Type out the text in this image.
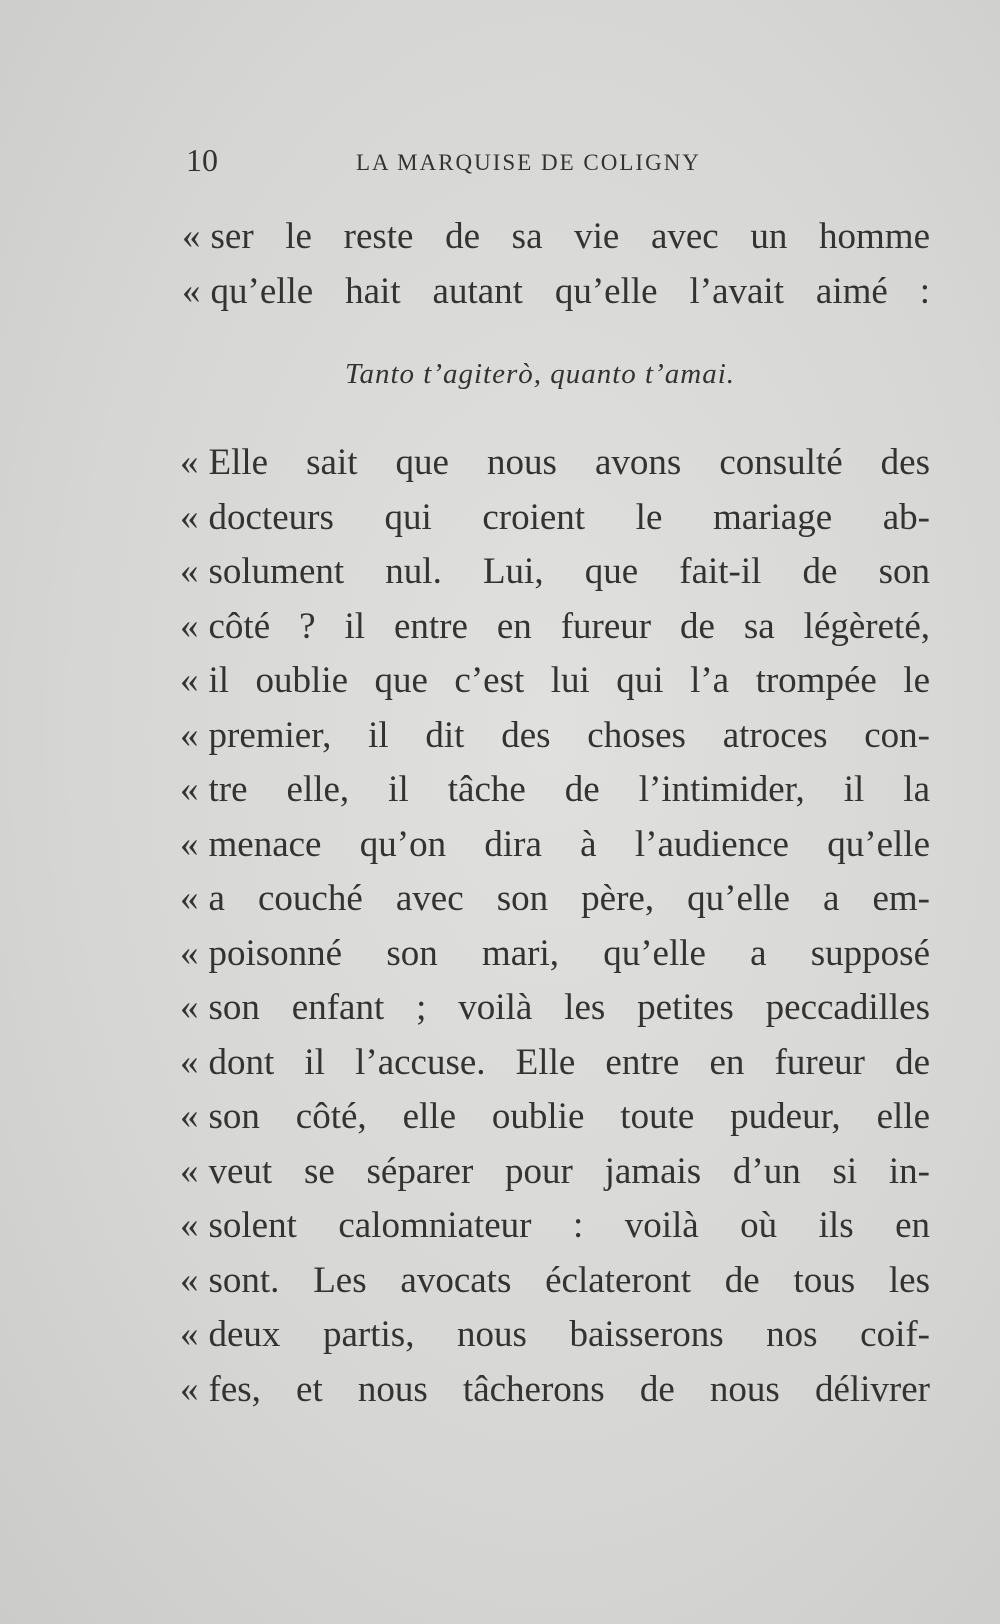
10	LA MARQUISE DE COLIGNY
« ser le reste de sa vie avec un homme
« qu’elle hait autant qu’elle l’avait aimé :
Tanto t’agiterò, quanto t’amai.
« Elle sait que nous avons consulté des
« docteurs qui croient le mariage ab-
« solument nul. Lui, que fait-il de son
« côté ? il entre en fureur de sa légèreté,
« il oublie que c’est lui qui l’a trompée le
« premier, il dit des choses atroces con-
« tre elle, il tâche de l’intimider, il la
« menace qu’on dira à l’audience qu’elle
« a couché avec son père, qu’elle a em-
« poisonné son mari, qu’elle a supposé
« son enfant ; voilà les petites peccadilles
« dont il l’accuse. Elle entre en fureur de
« son côté, elle oublie toute pudeur, elle
« veut se séparer pour jamais d’un si in-
« solent calomniateur : voilà où ils en
« sont. Les avocats éclateront de tous les
« deux partis, nous baisserons nos coif-
« fes, et nous tâcherons de nous délivrer
